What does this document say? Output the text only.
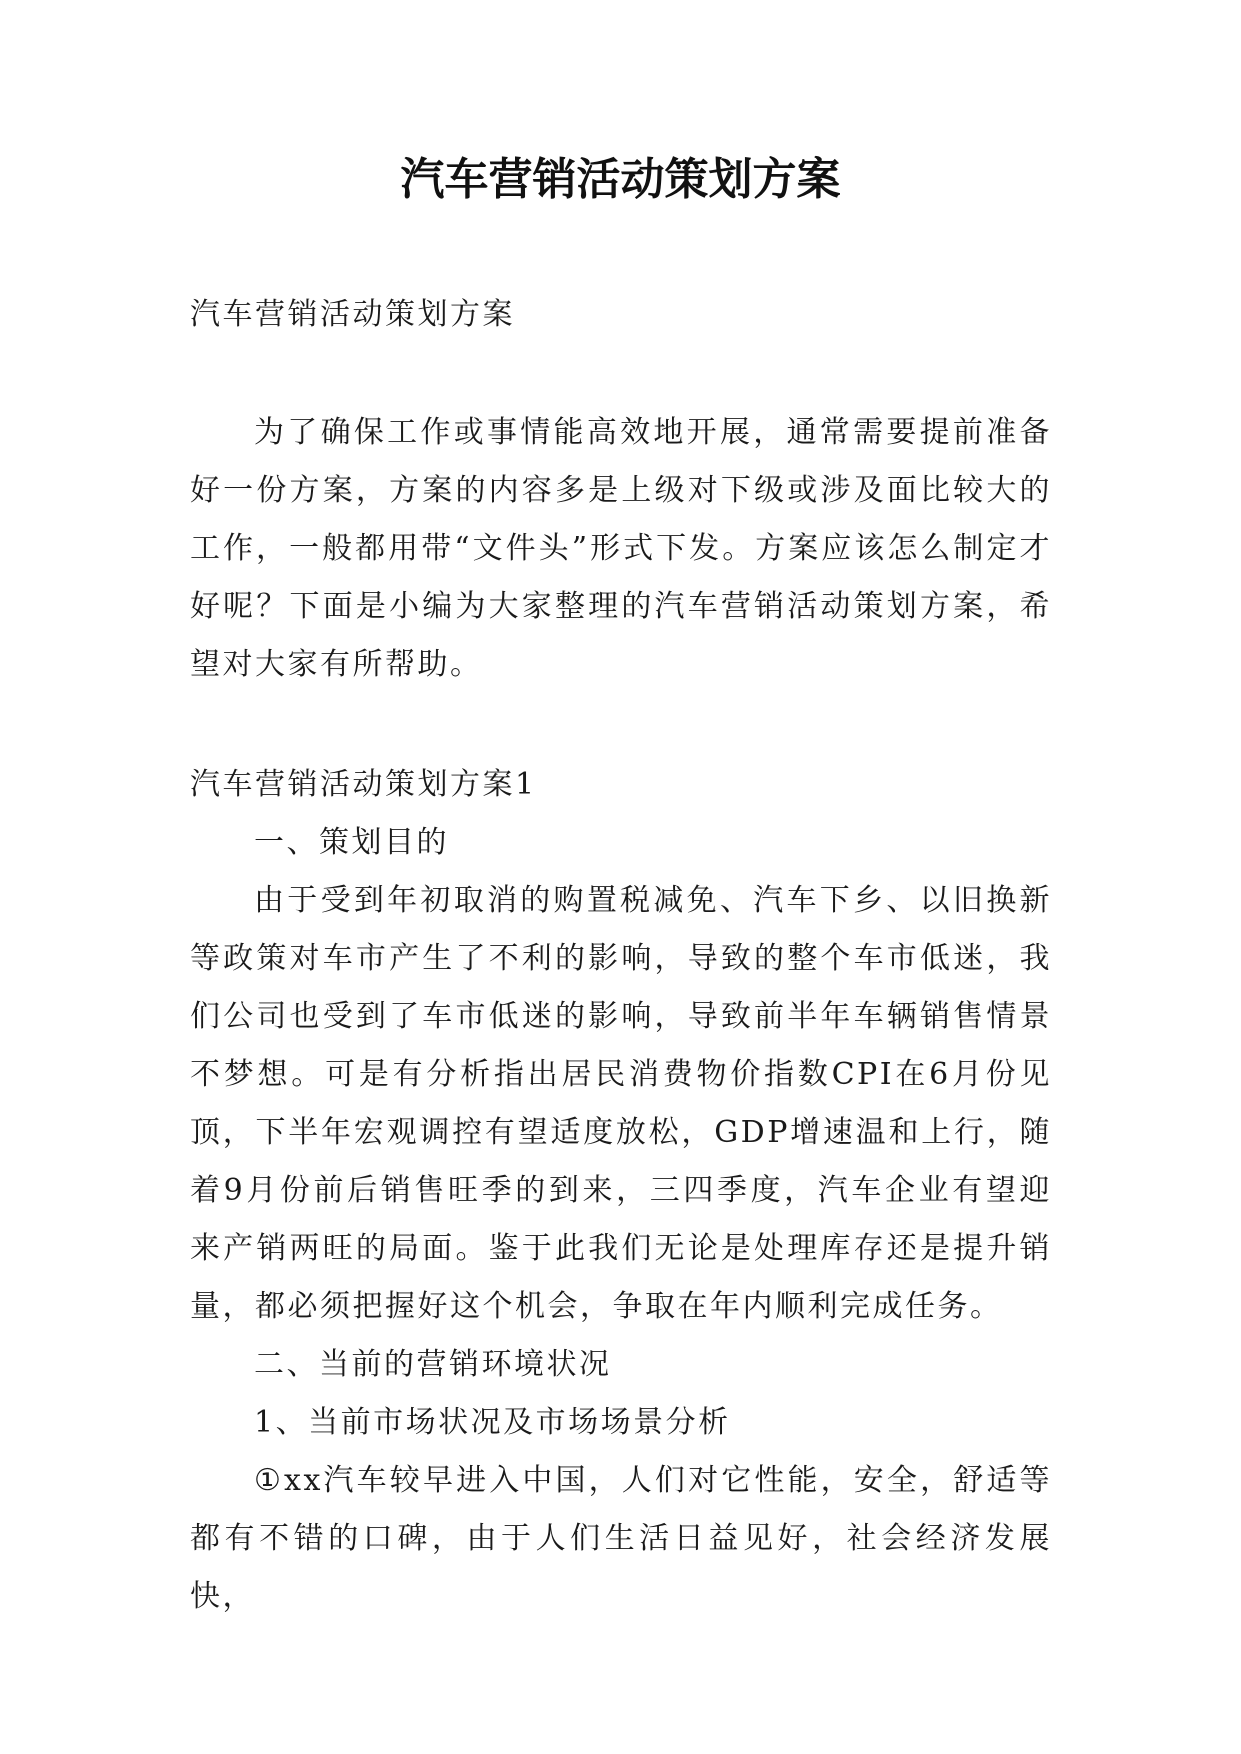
汽车营销活动策划方案

汽车营销活动策划方案

为了确保工作或事情能高效地开展，通常需要提前准备好一份方案，方案的内容多是上级对下级或涉及面比较大的工作，一般都用带“文件头”形式下发。方案应该怎么制定才好呢？下面是小编为大家整理的汽车营销活动策划方案，希望对大家有所帮助。

汽车营销活动策划方案1

一、策划目的

由于受到年初取消的购置税减免、汽车下乡、以旧换新等政策对车市产生了不利的影响，导致的整个车市低迷，我们公司也受到了车市低迷的影响，导致前半年车辆销售情景不梦想。可是有分析指出居民消费物价指数CPI在6月份见顶，下半年宏观调控有望适度放松，GDP增速温和上行，随着9月份前后销售旺季的到来，三四季度，汽车企业有望迎来产销两旺的局面。鉴于此我们无论是处理库存还是提升销量，都必须把握好这个机会，争取在年内顺利完成任务。

二、当前的营销环境状况

1、当前市场状况及市场场景分析

①xx汽车较早进入中国，人们对它性能，安全，舒适等都有不错的口碑，由于人们生活日益见好，社会经济发展快，
